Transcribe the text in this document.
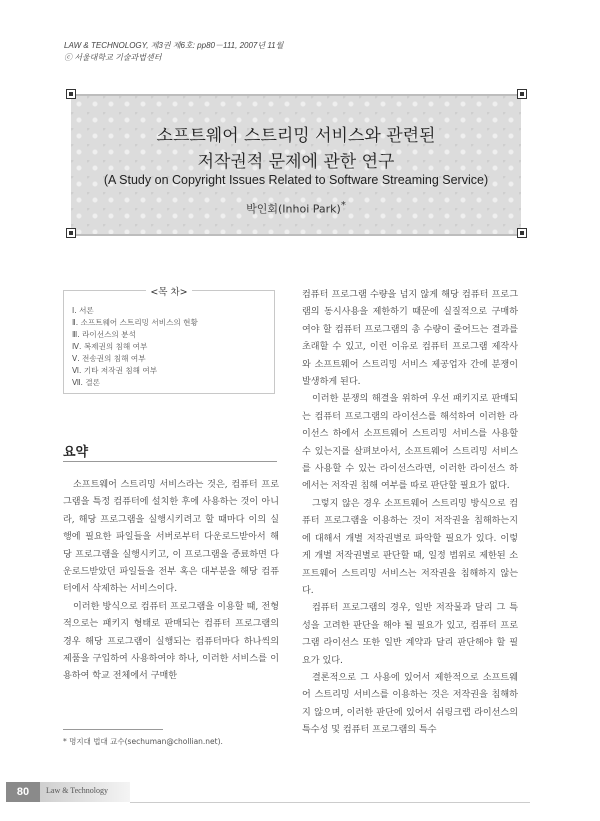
LAW & TECHNOLOGY, 제3권 제6호: pp80－111, 2007년 11월
ⓒ 서울대학교 기술과법센터
소프트웨어 스트리밍 서비스와 관련된
저작권적 문제에 관한 연구
(A Study on Copyright Issues Related to Software Streaming Service)
박인회(Inhoi Park)*
<목 차>
Ⅰ. 서론
Ⅱ. 소프트웨어 스트리밍 서비스의 현황
Ⅲ. 라이선스의 분석
Ⅳ. 복제권의 침해 여부
Ⅴ. 전송권의 침해 여부
Ⅵ. 기타 저작권 침해 여부
Ⅶ. 결론
요약

소프트웨어 스트리밍 서비스라는 것은, 컴퓨터 프로그램을 특정 컴퓨터에 설치한 후에 사용하는 것이 아니라, 해당 프로그램을 실행시키려고 할 때마다 이의 실행에 필요한 파일들을 서버로부터 다운로드받아서 해당 프로그램을 실행시키고, 이 프로그램을 종료하면 다운로드받았던 파일들을 전부 혹은 대부분을 해당 컴퓨터에서 삭제하는 서비스이다.

이러한 방식으로 컴퓨터 프로그램을 이용할 때, 전형적으로는 패키지 형태로 판매되는 컴퓨터 프로그램의 경우 해당 프로그램이 실행되는 컴퓨터마다 하나씩의 제품을 구입하여 사용하여야 하나, 이러한 서비스를 이용하여 학교 전체에서 구매한

컴퓨터 프로그램 수량을 넘지 않게 해당 컴퓨터 프로그램의 동시사용을 제한하기 때문에 실질적으로 구매하여야 할 컴퓨터 프로그램의 총 수량이 줄어드는 결과를 초래할 수 있고, 이런 이유로 컴퓨터 프로그램 제작사와 소프트웨어 스트리밍 서비스 제공업자 간에 분쟁이 발생하게 된다.

이러한 분쟁의 해결을 위하여 우선 패키지로 판매되는 컴퓨터 프로그램의 라이선스를 해석하여 이러한 라이선스 하에서 소프트웨어 스트리밍 서비스를 사용할 수 있는지를 살펴보아서, 소프트웨어 스트리밍 서비스를 사용할 수 있는 라이선스라면, 이러한 라이선스 하에서는 저작권 침해 여부를 따로 판단할 필요가 없다.

그렇지 않은 경우 소프트웨어 스트리밍 방식으로 컴퓨터 프로그램을 이용하는 것이 저작권을 침해하는지에 대해서 개별 저작권별로 파악할 필요가 있다. 이렇게 개별 저작권별로 판단할 때, 일정 범위로 제한된 소프트웨어 스트리밍 서비스는 저작권을 침해하지 않는다.

컴퓨터 프로그램의 경우, 일반 저작물과 달리 그 특성을 고려한 판단을 해야 될 필요가 있고, 컴퓨터 프로그램 라이선스 또한 일반 계약과 달리 판단해야 할 필요가 있다.

결론적으로 그 사용에 있어서 제한적으로 소프트웨어 스트리밍 서비스를 이용하는 것은 저작권을 침해하지 않으며, 이러한 판단에 있어서 쉬링크랩 라이선스의 특수성 및 컴퓨터 프로그램의 특수

* 명지대 법대 교수(sechuman@chollian.net).
80	Law & Technology
